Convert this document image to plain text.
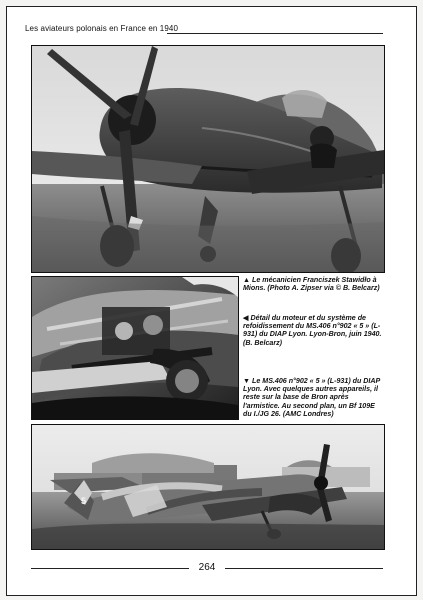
Les aviateurs polonais en France en 1940
▲ Le mécanicien Franciszek Stawidło à Mions. (Photo A. Zipser via © B. Belcarz)
◀ Détail du moteur et du système de refoidissement du MS.406 n°902 « 5 » (L-931) du DIAP Lyon. Lyon-Bron, juin 1940. (B. Belcarz)
▼ Le MS.406 n°902 « 5 » (L-931) du DIAP Lyon. Avec quelques autres appareils, il reste sur la base de Bron après l'armistice. Au second plan, un Bf 109E du I./JG 26. (AMC Londres)
5
264
